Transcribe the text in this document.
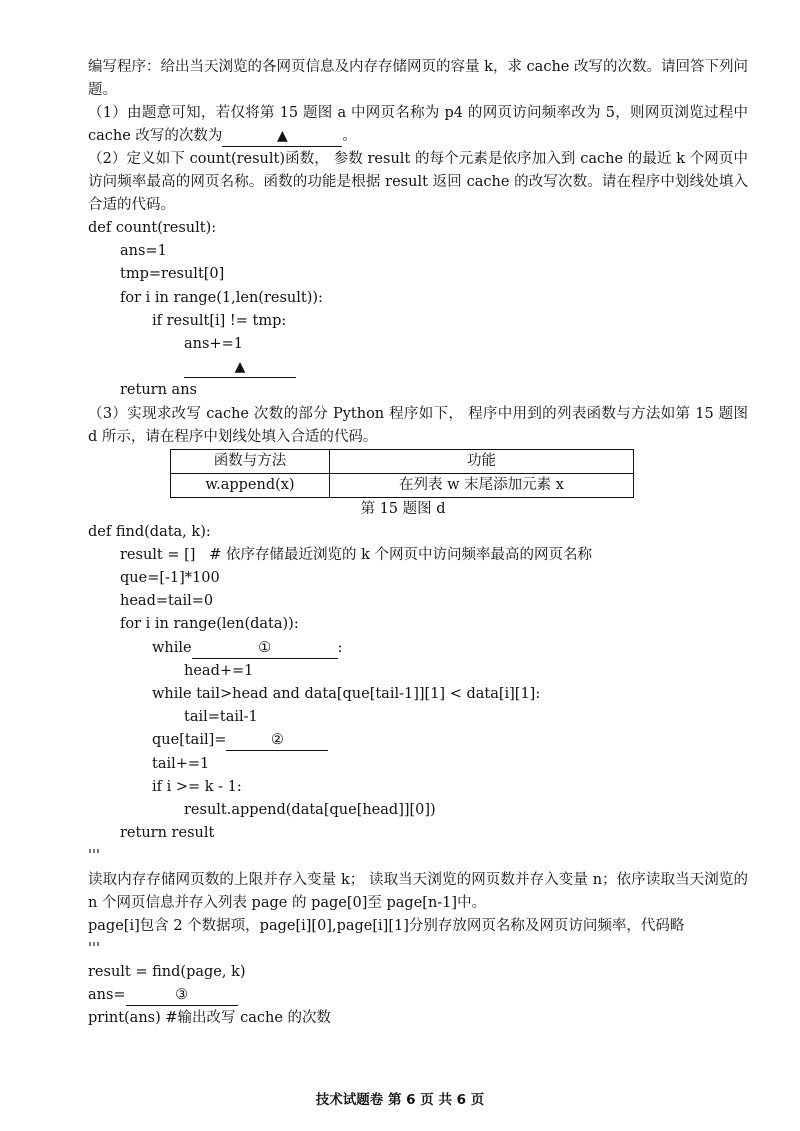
编写程序：给出当天浏览的各网页信息及内存存储网页的容量 k，求 cache 改写的次数。请回答下列问题。

（1）由题意可知，若仅将第 15 题图 a 中网页名称为 p4 的网页访问频率改为 5，则网页浏览过程中 cache 改写的次数为	▲	。

（2）定义如下 count(result)函数， 参数 result 的每个元素是依序加入到 cache 的最近 k 个网页中访问频率最高的网页名称。函数的功能是根据 result 返回 cache 的改写次数。请在程序中划线处填入合适的代码。

def count(result):
ans=1
tmp=result[0]
for i in range(1,len(result)):
if result[i] != tmp:
ans+=1
▲
return ans

（3）实现求改写 cache 次数的部分 Python 程序如下， 程序中用到的列表函数与方法如第 15 题图 d 所示，请在程序中划线处填入合适的代码。

函数与方法	功能
w.append(x)	在列表 w 末尾添加元素 x
第 15 题图 d
def find(data, k):
result = []   # 依序存储最近浏览的 k 个网页中访问频率最高的网页名称
que=[-1]*100
head=tail=0
for i in range(len(data)):
while	①	:
head+=1
while tail>head and data[que[tail-1]][1] < data[i][1]:
tail=tail-1
que[tail]=	②
tail+=1
if i >= k - 1:
result.append(data[que[head]][0])
return result
'''

读取内存存储网页数的上限并存入变量 k； 读取当天浏览的网页数并存入变量 n；依序读取当天浏览的 n 个网页信息并存入列表 page 的 page[0]至 page[n-1]中。

page[i]包含 2 个数据项，page[i][0],page[i][1]分别存放网页名称及网页访问频率，代码略

'''
result = find(page, k)
ans=	③
print(ans) #输出改写 cache 的次数
技术试题卷 第 6 页 共 6 页
